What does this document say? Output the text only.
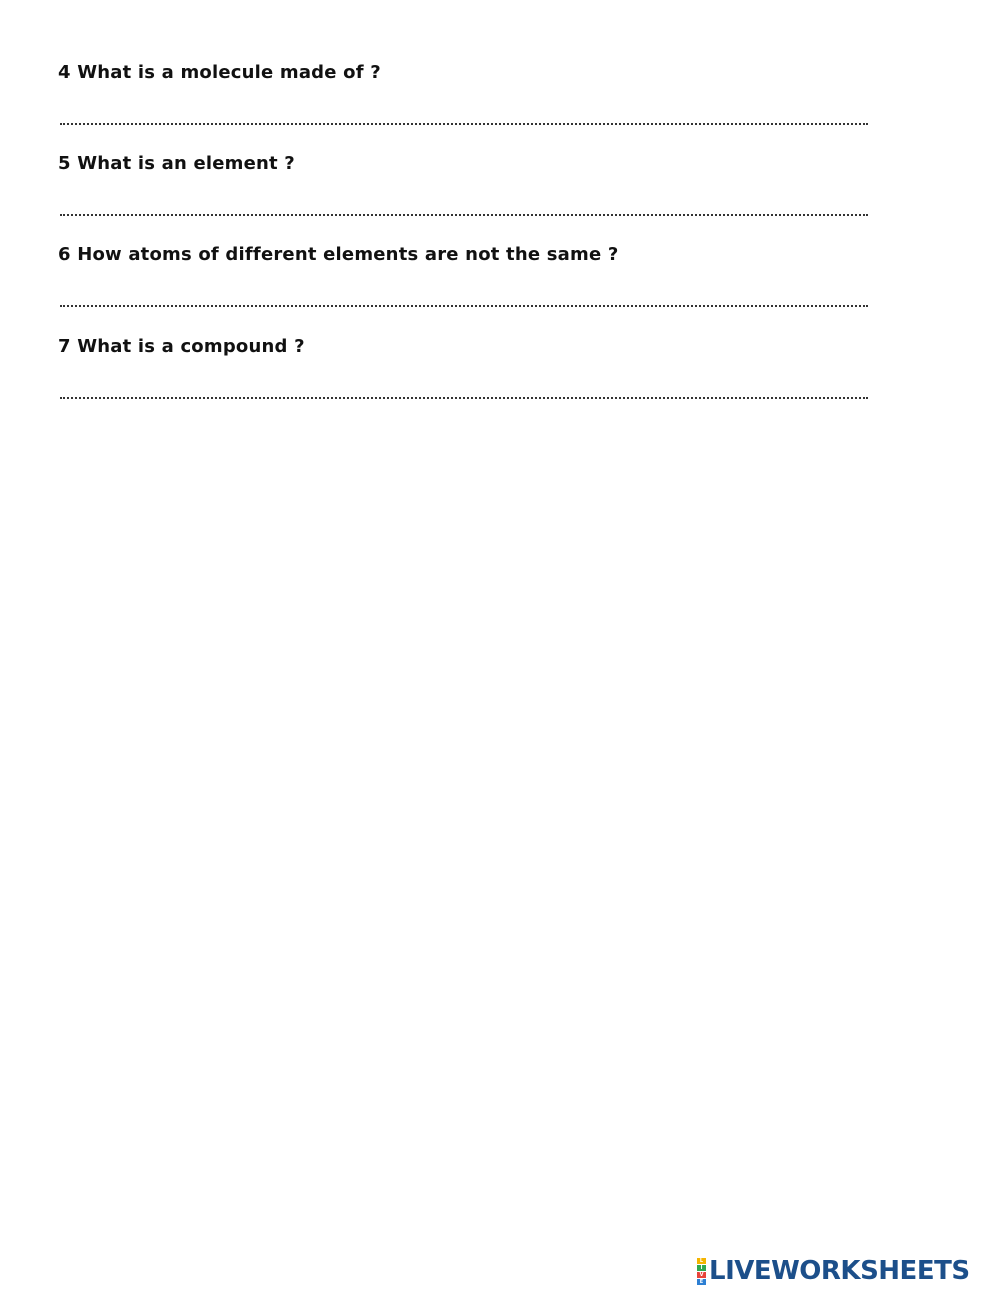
4 What is a molecule made of ?
5 What is an element ?
6 How atoms of different elements are not the same ?
7 What is a compound ?
L
I
V
E LIVEWORKSHEETS
